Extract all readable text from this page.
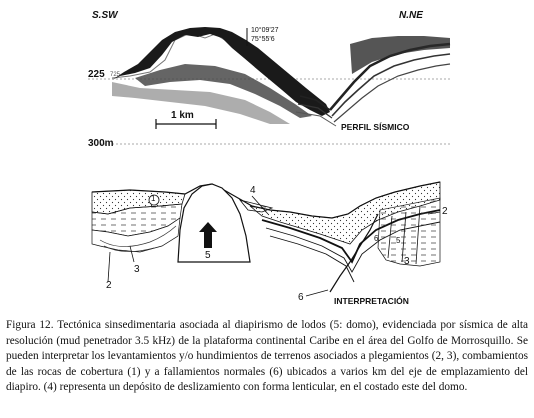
S.SW	N.NE
10°09'27
75°55'6
225 725
1 km
PERFIL SÍSMICO
300m
4
1
2
6 5
5
3
3
2
6	INTERPRETACIÓN

Figura 12. Tectónica sinsedimentaria asociada al diapirismo de lodos (5: domo), evidenciada por sísmica de alta resolución (mud penetrador 3.5 kHz) de la plataforma continental Caribe en el área del Golfo de Morrosquillo. Se pueden interpretar los levantamientos y/o hundimientos de terrenos asociados a plegamientos (2, 3), combamientos de las rocas de cobertura (1) y a fallamientos normales (6) ubicados a varios km del eje de emplazamiento del diapiro. (4) representa un depósito de deslizamiento con forma lenticular, en el costado este del domo.
